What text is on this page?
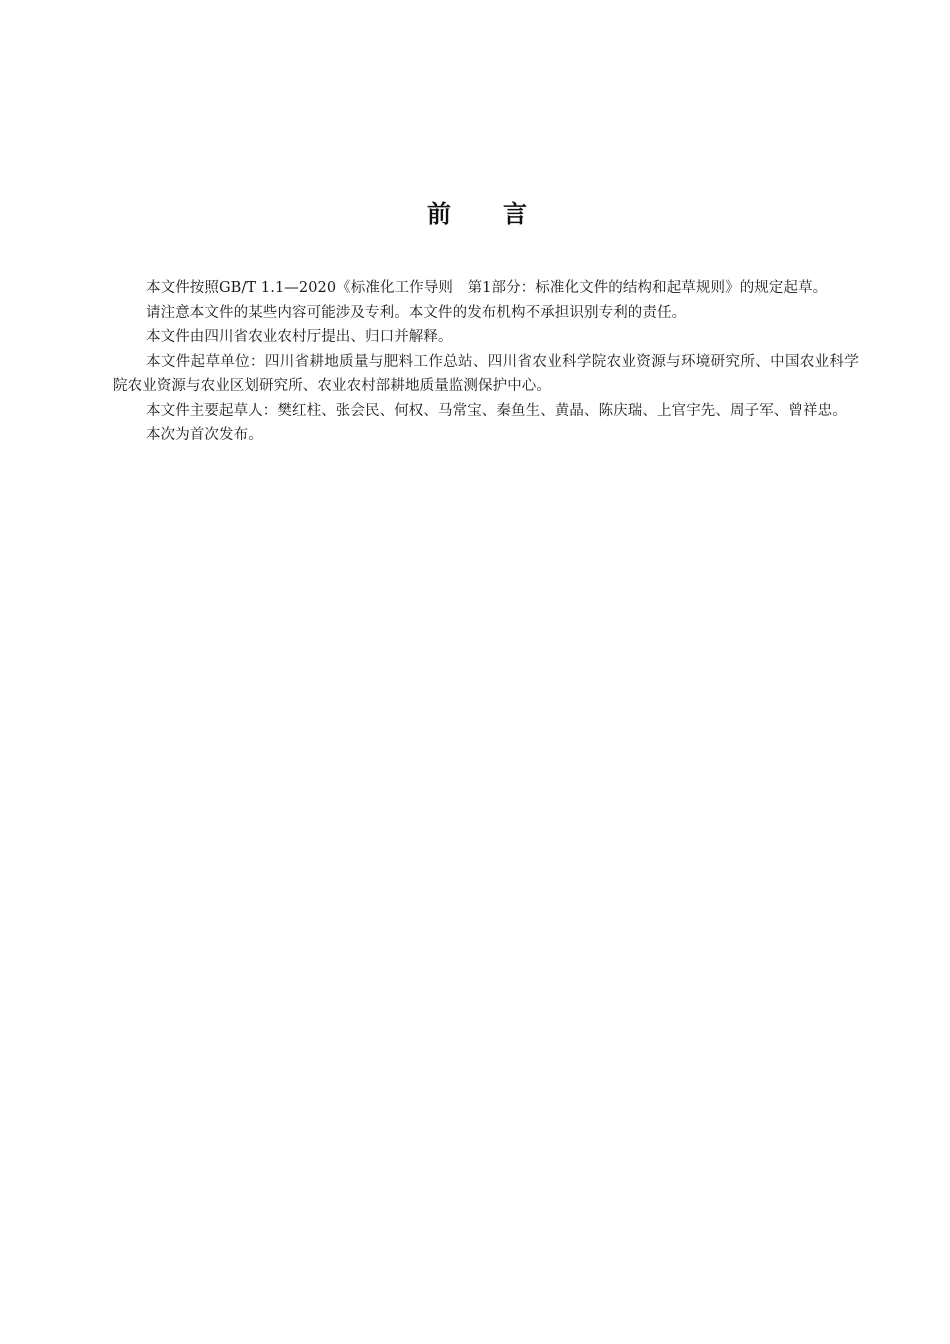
前言

本文件按照GB/T 1.1—2020《标准化工作导则　第1部分：标准化文件的结构和起草规则》的规定起草。

请注意本文件的某些内容可能涉及专利。本文件的发布机构不承担识别专利的责任。

本文件由四川省农业农村厅提出、归口并解释。

本文件起草单位：四川省耕地质量与肥料工作总站、四川省农业科学院农业资源与环境研究所、中国农业科学院农业资源与农业区划研究所、农业农村部耕地质量监测保护中心。

本文件主要起草人：樊红柱、张会民、何权、马常宝、秦鱼生、黄晶、陈庆瑞、上官宇先、周子军、曾祥忠。

本次为首次发布。
